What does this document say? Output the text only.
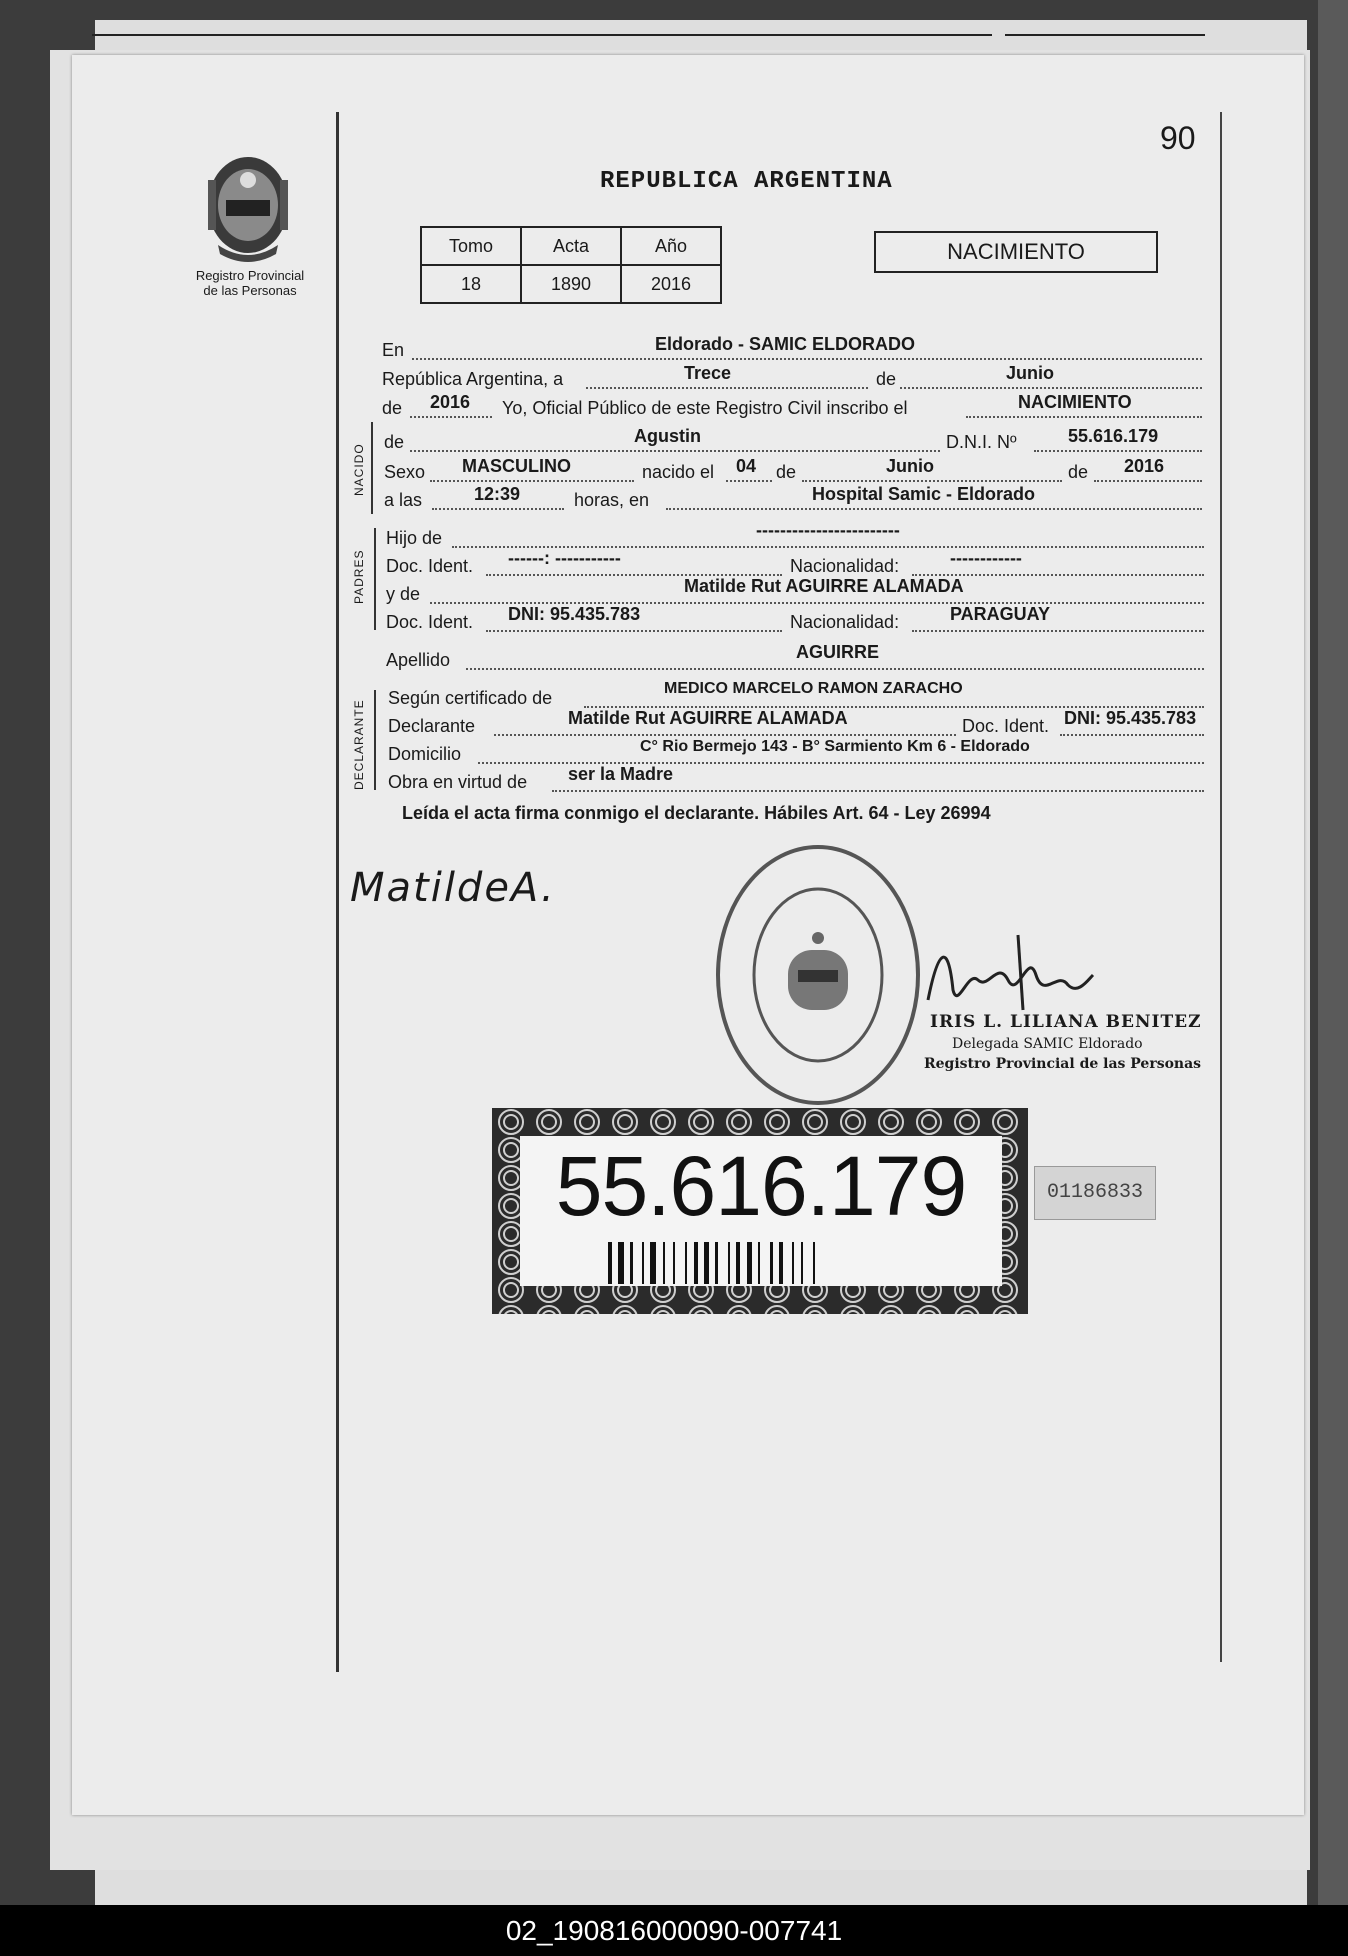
90
Registro Provincial
de las Personas
REPUBLICA ARGENTINA
Tomo	Acta	Año
18	1890	2016
NACIMIENTO
En	Eldorado - SAMIC ELDORADO
República Argentina, a	Trece	de	Junio
de 2016 Yo, Oficial Público de este Registro Civil inscribo el	NACIMIENTO
NACIDO
de	Agustin	D.N.I. Nº	55.616.179
Sexo MASCULINO	nacido el 04 de	Junio	de 2016
a las	12:39	horas, en	Hospital Samic - Eldorado
PADRES
Hijo de	------------------------
Doc. Ident. ------: -----------	Nacionalidad:	------------
y de	Matilde Rut AGUIRRE ALAMADA
Doc. Ident. DNI: 95.435.783	Nacionalidad:	PARAGUAY
Apellido	AGUIRRE
DECLARANTE
Según certificado de	MEDICO MARCELO RAMON ZARACHO
Declarante	Matilde Rut AGUIRRE ALAMADA	Doc. Ident. DNI: 95.435.783
Domicilio	C° Rio Bermejo 143 - B° Sarmiento Km 6 - Eldorado
Obra en virtud de ser la Madre
Leída el acta firma conmigo el declarante. Hábiles Art. 64 - Ley 26994
MatildeA.
IRIS L. LILIANA BENITEZ
Delegada SAMIC Eldorado
Registro Provincial de las Personas
55.616.179	01186833
02_190816000090-007741
